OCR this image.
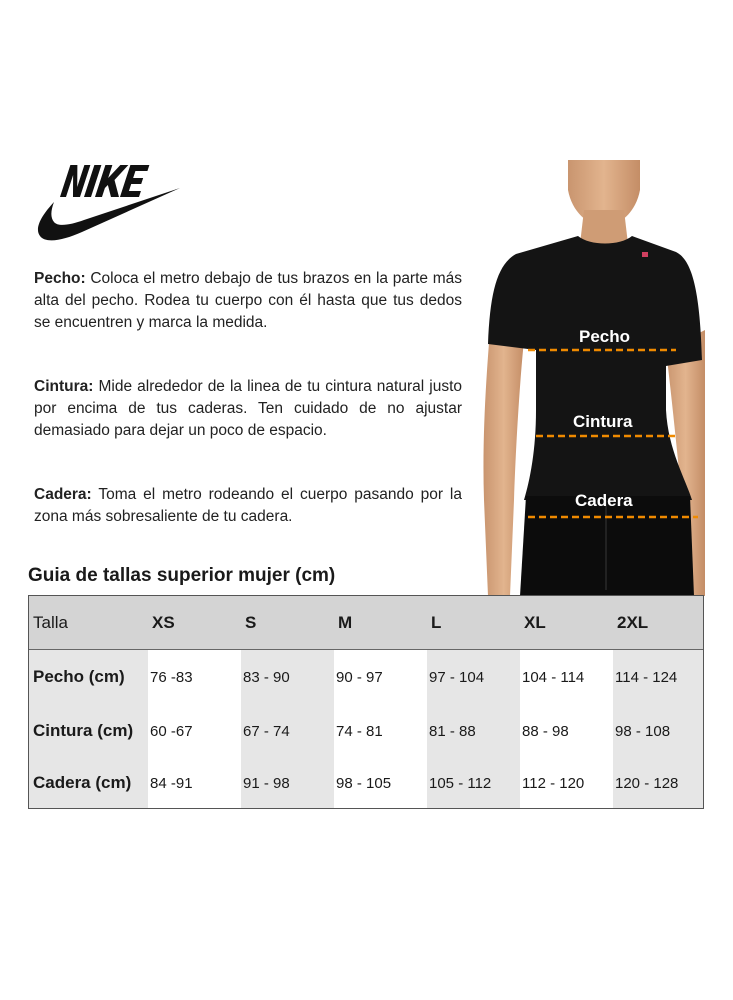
Pecho: Coloca el metro debajo de tus brazos en la parte más alta del pecho. Rodea tu cuerpo con él hasta que tus dedos se encuentren y marca la medida.
Cintura: Mide alrededor de la linea de tu cintura natural justo por encima de tus caderas. Ten cuidado de no ajustar demasiado para dejar un poco de espacio.
Cadera: Toma el metro rodeando el cuerpo pasando por la zona más sobresaliente de tu cadera.
Pecho
Cintura
Cadera
Guia de tallas superior mujer (cm)
Talla	XS	S	M	L	XL	2XL
Pecho (cm)	76 -83	83 - 90	90 - 97	97 - 104	104 - 114	114 - 124
Cintura (cm)	60 -67	67 - 74	74 - 81	81 - 88	88 - 98	98 - 108
Cadera (cm)	84 -91	91 - 98	98 - 105	105 - 112	112 - 120	120 - 128
